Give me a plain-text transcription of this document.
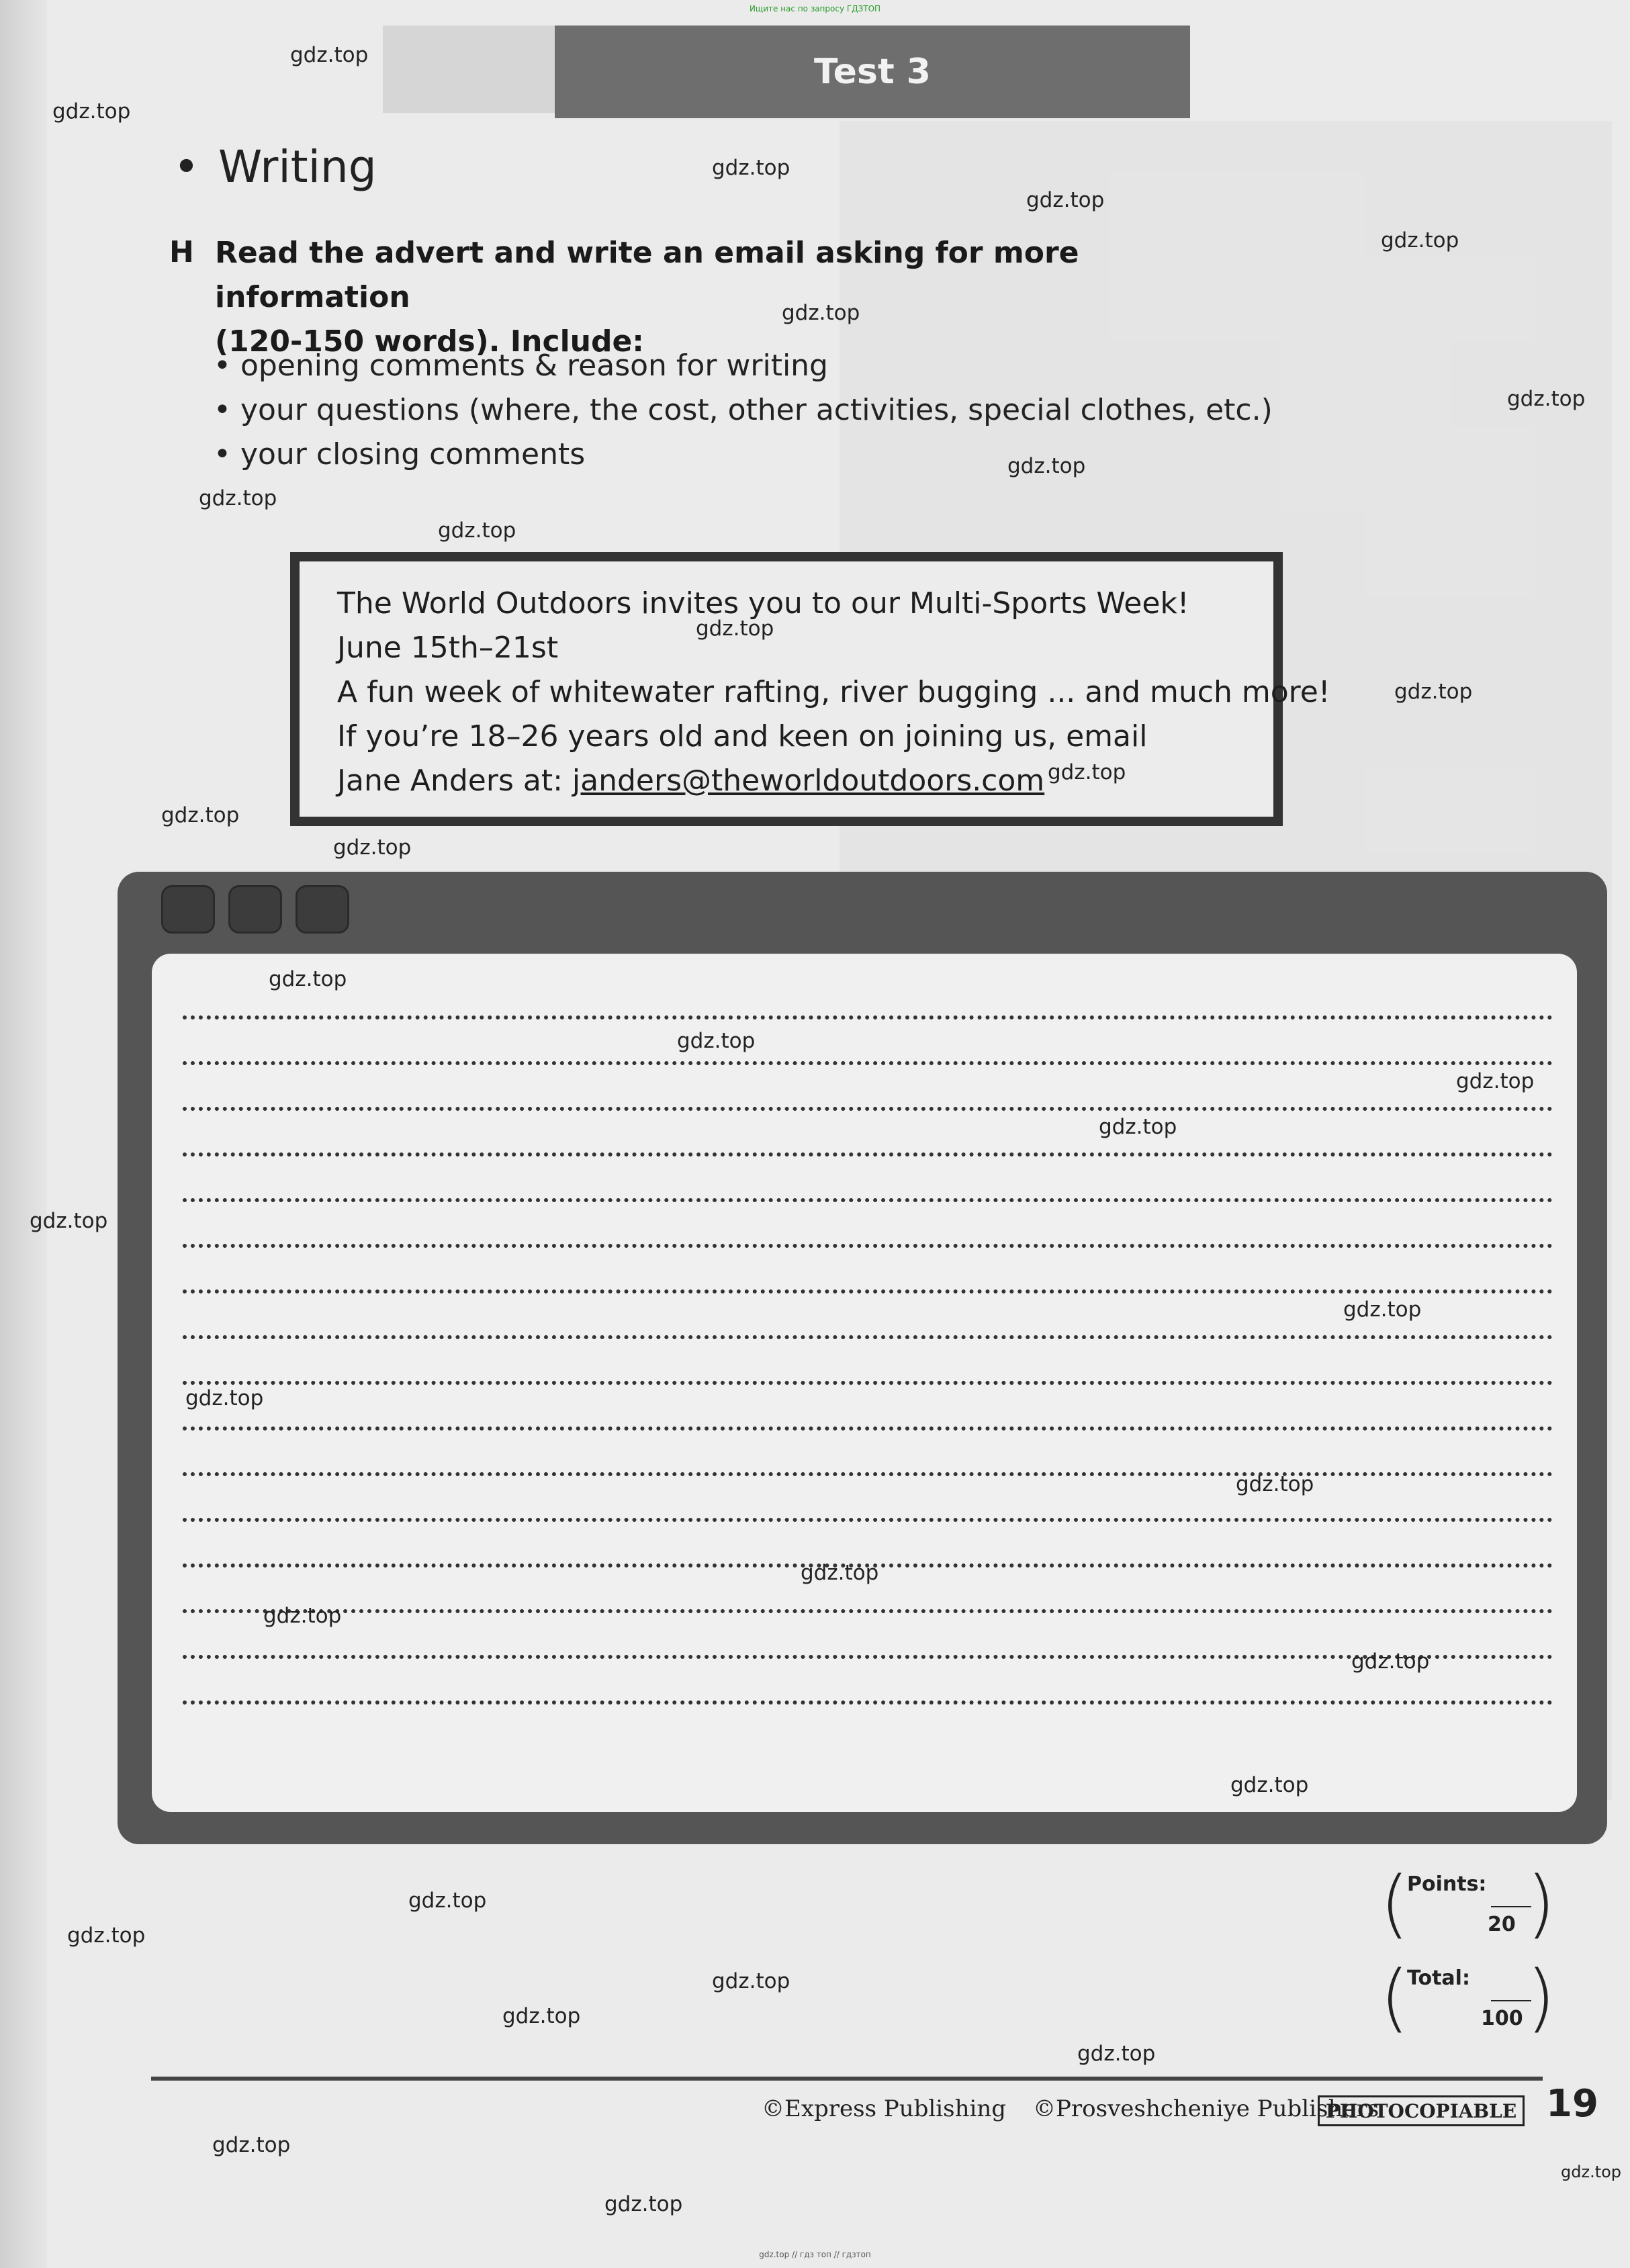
Ищите нас по запросу ГДЗТОП
Test 3
• Writing
H Read the advert and write an email asking for more information
(120-150 words). Include:
• opening comments & reason for writing
• your questions (where, the cost, other activities, special clothes, etc.)
• your closing comments
The World Outdoors invites you to our Multi-Sports Week!
June 15th–21st
A fun week of whitewater rafting, river bugging ... and much more!
If you’re 18–26 years old and keen on joining us, email
Jane Anders at: janders@theworldoutdoors.com
(
Points:
20 )
(
Total:
100 )
©Express Publishing ©Prosveshcheniye Publishers
PHOTOCOPIABLE 19
gdz.top
gdz.top
gdz.top
gdz.top
gdz.top
gdz.top
gdz.top
gdz.top
gdz.top
gdz.top
gdz.top
gdz.top
gdz.top
gdz.top
gdz.top
gdz.top
gdz.top
gdz.top
gdz.top
gdz.top
gdz.top
gdz.top
gdz.top
gdz.top
gdz.top
gdz.top
gdz.top
gdz.top
gdz.top
gdz.top
gdz.top
gdz.top
gdz.top
gdz.top
gdz.top
gdz.top // гдз топ // гдзтоп
